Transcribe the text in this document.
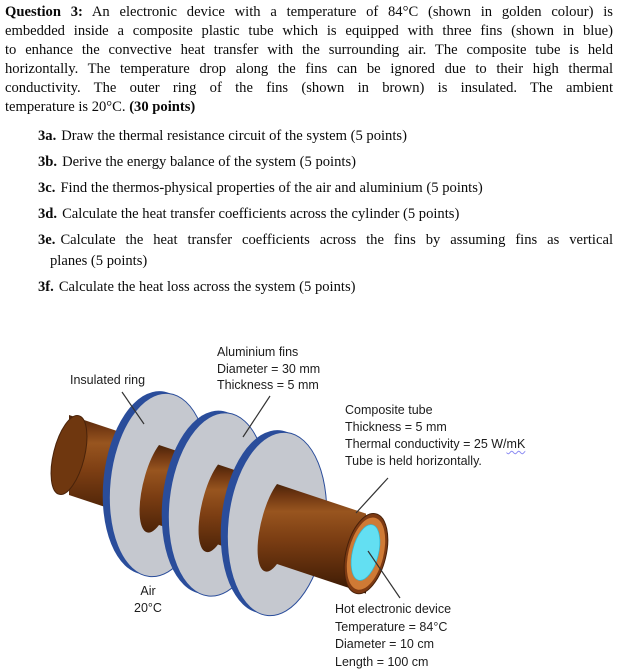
Question 3: An electronic device with a temperature of 84°C (shown in golden colour) is
embedded inside a composite plastic tube which is equipped with three fins (shown in blue)
to enhance the convective heat transfer with the surrounding air. The composite tube is held
horizontally. The temperature drop along the fins can be ignored due to their high thermal
conductivity. The outer ring of the fins (shown in brown) is insulated. The ambient
temperature is 20°C. (30 points)
3a. Draw the thermal resistance circuit of the system (5 points)
3b. Derive the energy balance of the system (5 points)
3c. Find the thermos-physical properties of the air and aluminium (5 points)
3d. Calculate the heat transfer coefficients across the cylinder (5 points)
3e. Calculate the heat transfer coefficients across the fins by assuming fins as vertical
planes (5 points)
3f. Calculate the heat loss across the system (5 points)
Insulated ring
Aluminium fins
Diameter = 30 mm
Thickness = 5 mm
Composite tube
Thickness = 5 mm
Thermal conductivity = 25 W/mK
Tube is held horizontally.
Air
20°C	Hot electronic device
Temperature = 84°C
Diameter = 10 cm
Length = 100 cm
